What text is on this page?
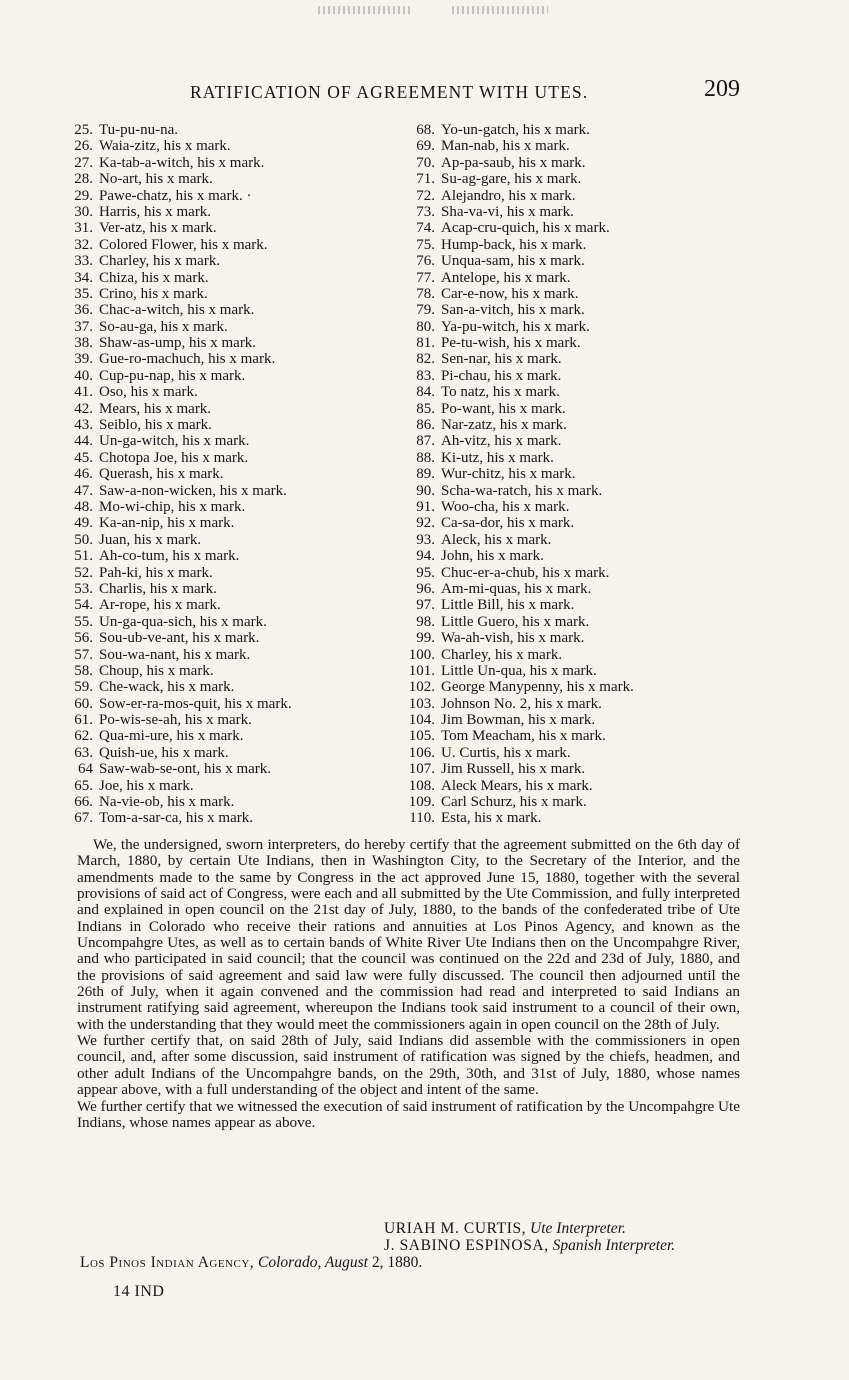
RATIFICATION OF AGREEMENT WITH UTES.	209
25. Tu-pu-nu-na.
26. Waia-zitz, his x mark.
27. Ka-tab-a-witch, his x mark.
28. No-art, his x mark.
29. Pawe-chatz, his x mark. ·
30. Harris, his x mark.
31. Ver-atz, his x mark.
32. Colored Flower, his x mark.
33. Charley, his x mark.
34. Chiza, his x mark.
35. Crino, his x mark.
36. Chac-a-witch, his x mark.
37. So-au-ga, his x mark.
38. Shaw-as-ump, his x mark.
39. Gue-ro-machuch, his x mark.
40. Cup-pu-nap, his x mark.
41. Oso, his x mark.
42. Mears, his x mark.
43. Seiblo, his x mark.
44. Un-ga-witch, his x mark.
45. Chotopa Joe, his x mark.
46. Querash, his x mark.
47. Saw-a-non-wicken, his x mark.
48. Mo-wi-chip, his x mark.
49. Ka-an-nip, his x mark.
50. Juan, his x mark.
51. Ah-co-tum, his x mark.
52. Pah-ki, his x mark.
53. Charlis, his x mark.
54. Ar-rope, his x mark.
55. Un-ga-qua-sich, his x mark.
56. Sou-ub-ve-ant, his x mark.
57. Sou-wa-nant, his x mark.
58. Choup, his x mark.
59. Che-wack, his x mark.
60. Sow-er-ra-mos-quit, his x mark.
61. Po-wis-se-ah, his x mark.
62. Qua-mi-ure, his x mark.
63. Quish-ue, his x mark.
64 Saw-wab-se-ont, his x mark.
65. Joe, his x mark.
66. Na-vie-ob, his x mark.
67. Tom-a-sar-ca, his x mark.
68. Yo-un-gatch, his x mark.
69. Man-nab, his x mark.
70. Ap-pa-saub, his x mark.
71. Su-ag-gare, his x mark.
72. Alejandro, his x mark.
73. Sha-va-vi, his x mark.
74. Acap-cru-quich, his x mark.
75. Hump-back, his x mark.
76. Unqua-sam, his x mark.
77. Antelope, his x mark.
78. Car-e-now, his x mark.
79. San-a-vitch, his x mark.
80. Ya-pu-witch, his x mark.
81. Pe-tu-wish, his x mark.
82. Sen-nar, his x mark.
83. Pi-chau, his x mark.
84. To natz, his x mark.
85. Po-want, his x mark.
86. Nar-zatz, his x mark.
87. Ah-vitz, his x mark.
88. Ki-utz, his x mark.
89. Wur-chitz, his x mark.
90. Scha-wa-ratch, his x mark.
91. Woo-cha, his x mark.
92. Ca-sa-dor, his x mark.
93. Aleck, his x mark.
94. John, his x mark.
95. Chuc-er-a-chub, his x mark.
96. Am-mi-quas, his x mark.
97. Little Bill, his x mark.
98. Little Guero, his x mark.
99. Wa-ah-vish, his x mark.
100. Charley, his x mark.
101. Little Un-qua, his x mark.
102. George Manypenny, his x mark.
103. Johnson No. 2, his x mark.
104. Jim Bowman, his x mark.
105. Tom Meacham, his x mark.
106. U. Curtis, his x mark.
107. Jim Russell, his x mark.
108. Aleck Mears, his x mark.
109. Carl Schurz, his x mark.
110. Esta, his x mark.

We, the undersigned, sworn interpreters, do hereby certify that the agreement submitted on the 6th day of March, 1880, by certain Ute Indians, then in Washington City, to the Secretary of the Interior, and the amendments made to the same by Congress in the act approved June 15, 1880, together with the several provisions of said act of Congress, were each and all submitted by the Ute Commission, and fully interpreted and explained in open council on the 21st day of July, 1880, to the bands of the confederated tribe of Ute Indians in Colorado who receive their rations and annuities at Los Pinos Agency, and known as the Uncompahgre Utes, as well as to certain bands of White River Ute Indians then on the Uncompahgre River, and who participated in said council; that the council was continued on the 22d and 23d of July, 1880, and the provisions of said agreement and said law were fully discussed. The council then adjourned until the 26th of July, when it again convened and the commission had read and interpreted to said Indians an instrument ratifying said agreement, whereupon the Indians took said instrument to a council of their own, with the understanding that they would meet the commissioners again in open council on the 28th of July.

We further certify that, on said 28th of July, said Indians did assemble with the commissioners in open council, and, after some discussion, said instrument of ratification was signed by the chiefs, headmen, and other adult Indians of the Uncompahgre bands, on the 29th, 30th, and 31st of July, 1880, whose names appear above, with a full understanding of the object and intent of the same.

We further certify that we witnessed the execution of said instrument of ratification by the Uncompahgre Ute Indians, whose names appear as above.

URIAH M. CURTIS, Ute Interpreter.
J. SABINO ESPINOSA, Spanish Interpreter.
Los Pinos Indian Agency, Colorado, August 2, 1880.
14 IND
